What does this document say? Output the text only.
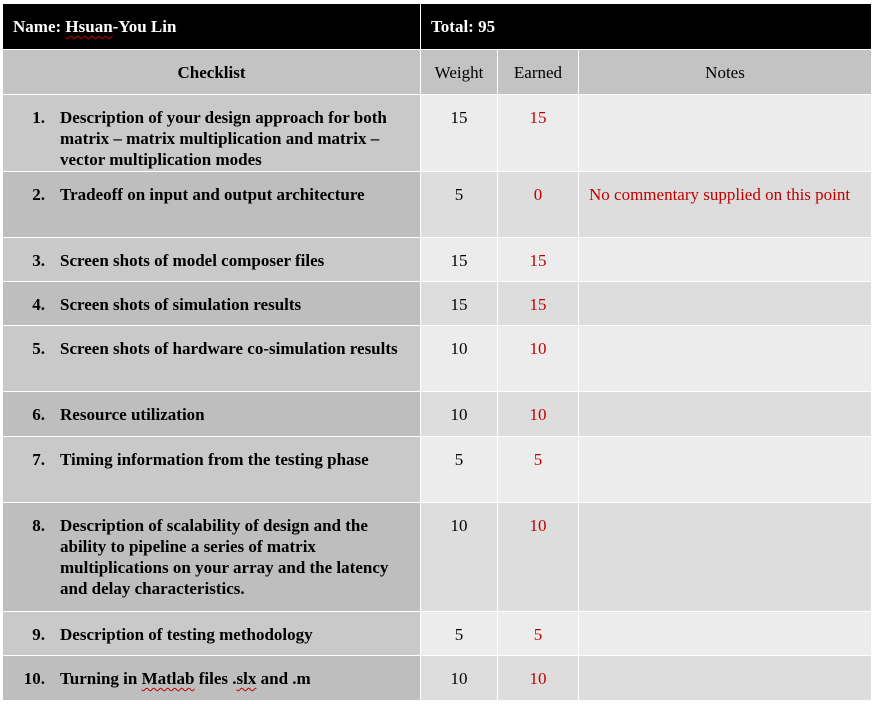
Name: Hsuan-You Lin	Total: 95		
Checklist	Weight	Earned	Notes

1. Description of your design approach for both matrix – matrix multiplication and matrix – vector multiplication modes	15	15	

2. Tradeoff on input and output architecture	5	0	No commentary supplied on this point

3. Screen shots of model composer files	15	15	

4. Screen shots of simulation results	15	15	

5. Screen shots of hardware co-simulation results	10	10	

6. Resource utilization	10	10	

7. Timing information from the testing phase	5	5	

8. Description of scalability of design and the ability to pipeline a series of matrix multiplications on your array and the latency and delay characteristics.	10	10	

9. Description of testing methodology	5	5	

10. Turning in Matlab files .slx and .m	10	10	
